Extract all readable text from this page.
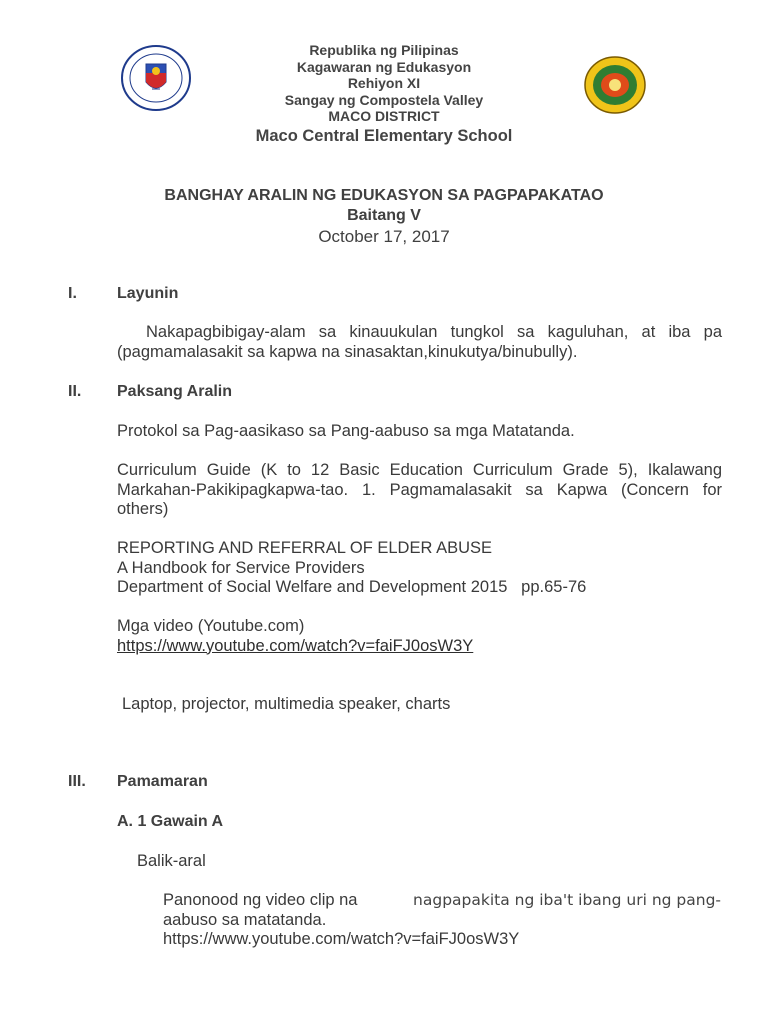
Republika ng Pilipinas
Kagawaran ng Edukasyon
Rehiyon XI
Sangay ng Compostela Valley
MACO DISTRICT
Maco Central Elementary School
BANGHAY ARALIN NG EDUKASYON SA PAGPAPAKATAO
Baitang V
October 17, 2017
I.	Layunin
Nakapagbibigay-alam sa kinauukulan tungkol sa kaguluhan, at iba pa (pagmamalasakit sa kapwa na sinasaktan,kinukutya/binubully).
II. Paksang Aralin
Protokol sa Pag-aasikaso sa Pang-aabuso sa mga Matatanda.
Curriculum Guide (K to 12 Basic Education Curriculum Grade 5), Ikalawang Markahan-Pakikipagkapwa-tao. 1. Pagmamalasakit sa Kapwa (Concern for others)
REPORTING AND REFERRAL OF ELDER ABUSE
A Handbook for Service Providers
Department of Social Welfare and Development 2015   pp.65-76
Mga video (Youtube.com)
https://www.youtube.com/watch?v=faiFJ0osW3Y
Laptop, projector, multimedia speaker, charts
III. Pamamaran
A. 1 Gawain A
Balik-aral
Panonood ng video clip na	nagpapakita ng iba't ibang uri ng pang-
aabuso sa matatanda.
https://www.youtube.com/watch?v=faiFJ0osW3Y
